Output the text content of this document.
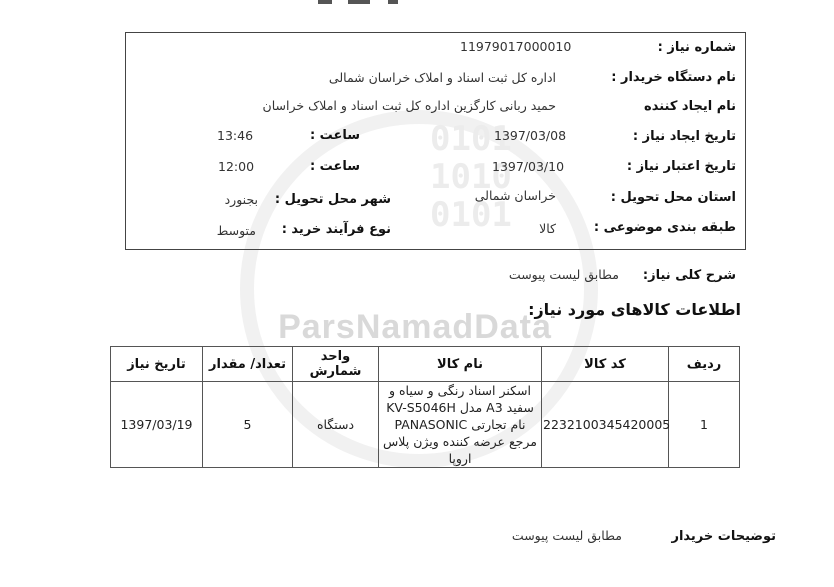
0101
1010
0101
ParsNamadData
شماره نیاز :
11979017000010
نام دستگاه خریدار :
اداره کل ثبت اسناد و املاک خراسان شمالی
نام ایجاد کننده
حمید ربانی کارگزین اداره کل ثبت اسناد و املاک خراسان
تاریخ ایجاد نیاز :
1397/03/08
ساعت :
13:46
تاریخ اعتبار نیاز :
1397/03/10
ساعت :
12:00
استان محل تحویل :
خراسان شمالی
شهر محل تحویل :
بجنورد
طبقه بندی موضوعی :
کالا
نوع فرآیند خرید :
متوسط
شرح کلی نیاز:
مطابق لیست پیوست
اطلاعات کالاهای مورد نیاز:
ردیف	کد کالا	نام کالا	واحد شمارش	تعداد/ مقدار	تاریخ نیاز
1	2232100345420005	اسکنر اسناد رنگی و سیاه و سفید A3 مدل KV-S5046H نام تجارتی PANASONIC مرجع عرضه کننده ویژن پلاس اروپا	دستگاه	5	1397/03/19
توضیحات خریدار
مطابق لیست پیوست
